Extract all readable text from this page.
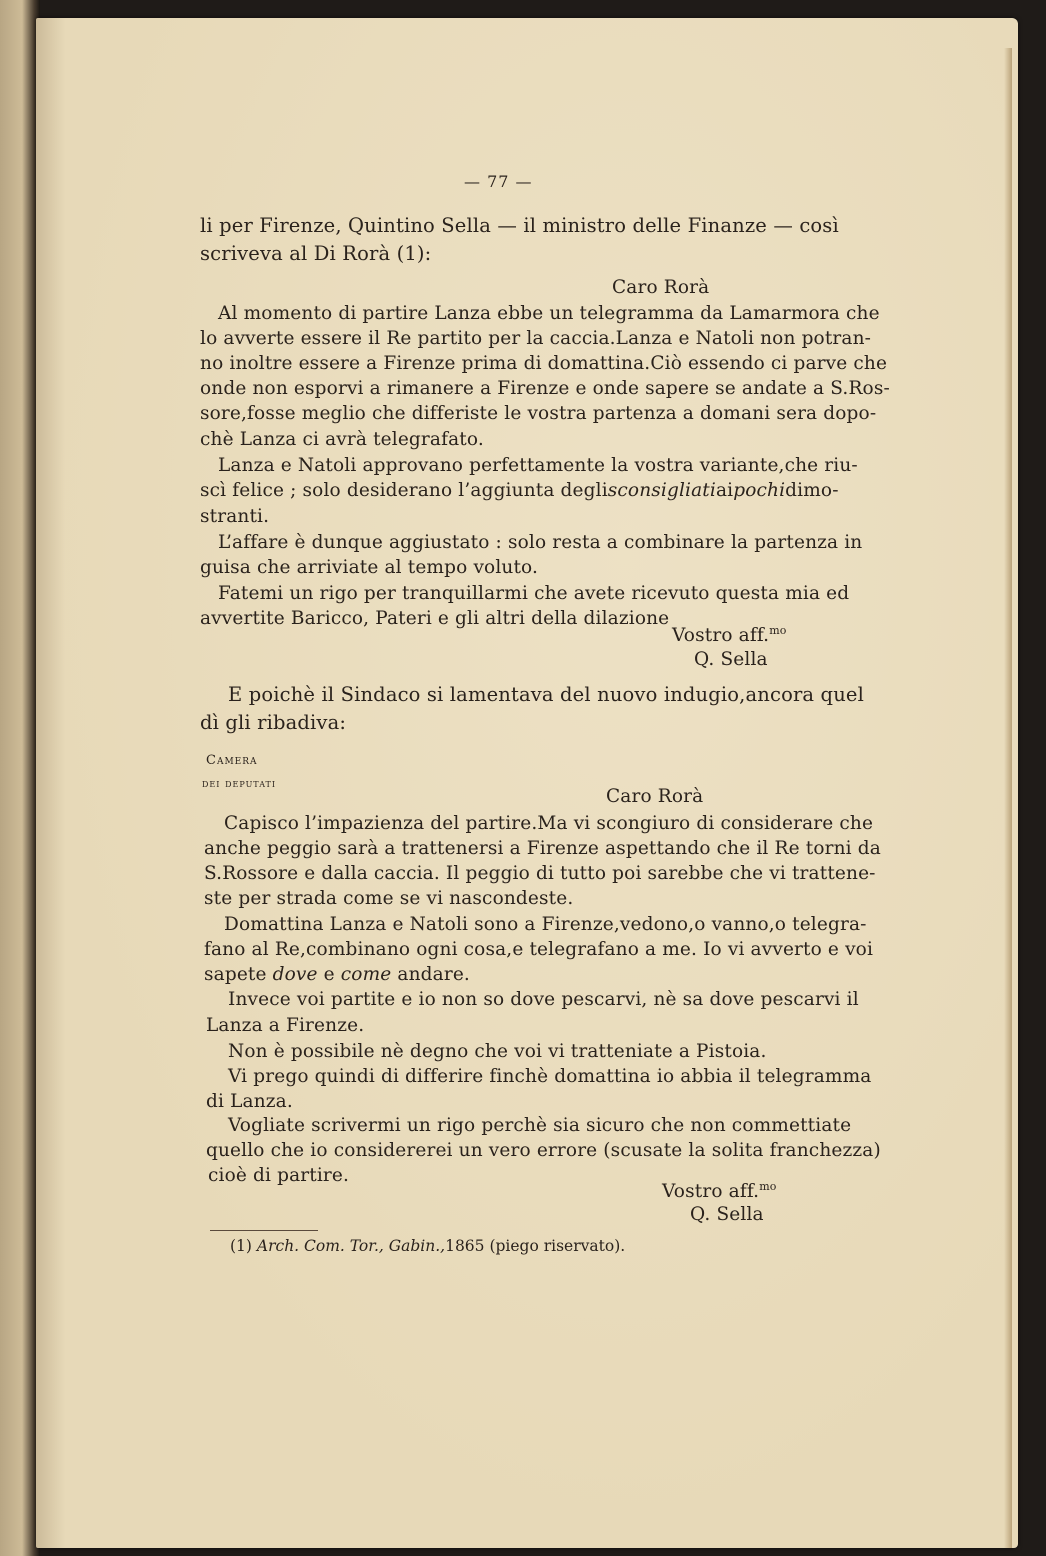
— 77 —
li per Firenze, Quintino Sella — il ministro delle Finanze — così
scriveva al Di Rorà (1):
Caro Rorà
Al momento di partire Lanza ebbe un telegramma da Lamarmora che
lo avverte essere il Re partito per la caccia.Lanza e Natoli non potran-
no inoltre essere a Firenze prima di domattina.Ciò essendo ci parve che
onde non esporvi a rimanere a Firenze e onde sapere se andate a S.Ros-
sore,fosse meglio che differiste le vostra partenza a domani sera dopo-
chè Lanza ci avrà telegrafato.
Lanza e Natoli approvano perfettamente la vostra variante,che riu-
scì felice ; solo desiderano l’aggiunta degli sconsigliati ai pochi dimo-
stranti.
L’affare è dunque aggiustato : solo resta a combinare la partenza in
guisa che arriviate al tempo voluto.
Fatemi un rigo per tranquillarmi che avete ricevuto questa mia ed
avvertite Baricco, Pateri e gli altri della dilazione
Vostro aff.$^{mo}$
Q. Sella
E poichè il Sindaco si lamentava del nuovo indugio,ancora quel
dì gli ribadiva:
Camera
dei deputati
Caro Rorà
Capisco l’impazienza del partire.Ma vi scongiuro di considerare che
anche peggio sarà a trattenersi a Firenze aspettando che il Re torni da
S.Rossore e dalla caccia. Il peggio di tutto poi sarebbe che vi trattene-
ste per strada come se vi nascondeste.
Domattina Lanza e Natoli sono a Firenze,vedono,o vanno,o telegra-
fano al Re,combinano ogni cosa,e telegrafano a me. Io vi avverto e voi
sapete dove e come andare.
Invece voi partite e io non so dove pescarvi, nè sa dove pescarvi il
Lanza a Firenze.
Non è possibile nè degno che voi vi tratteniate a Pistoia.
Vi prego quindi di differire finchè domattina io abbia il telegramma
di Lanza.
Vogliate scrivermi un rigo perchè sia sicuro che non commettiate
quello che io considererei un vero errore (scusate la solita franchezza)
cioè di partire.
Vostro aff.$^{mo}$
Q. Sella
(1) Arch. Com. Tor., Gabin.,1865 (piego riservato).
